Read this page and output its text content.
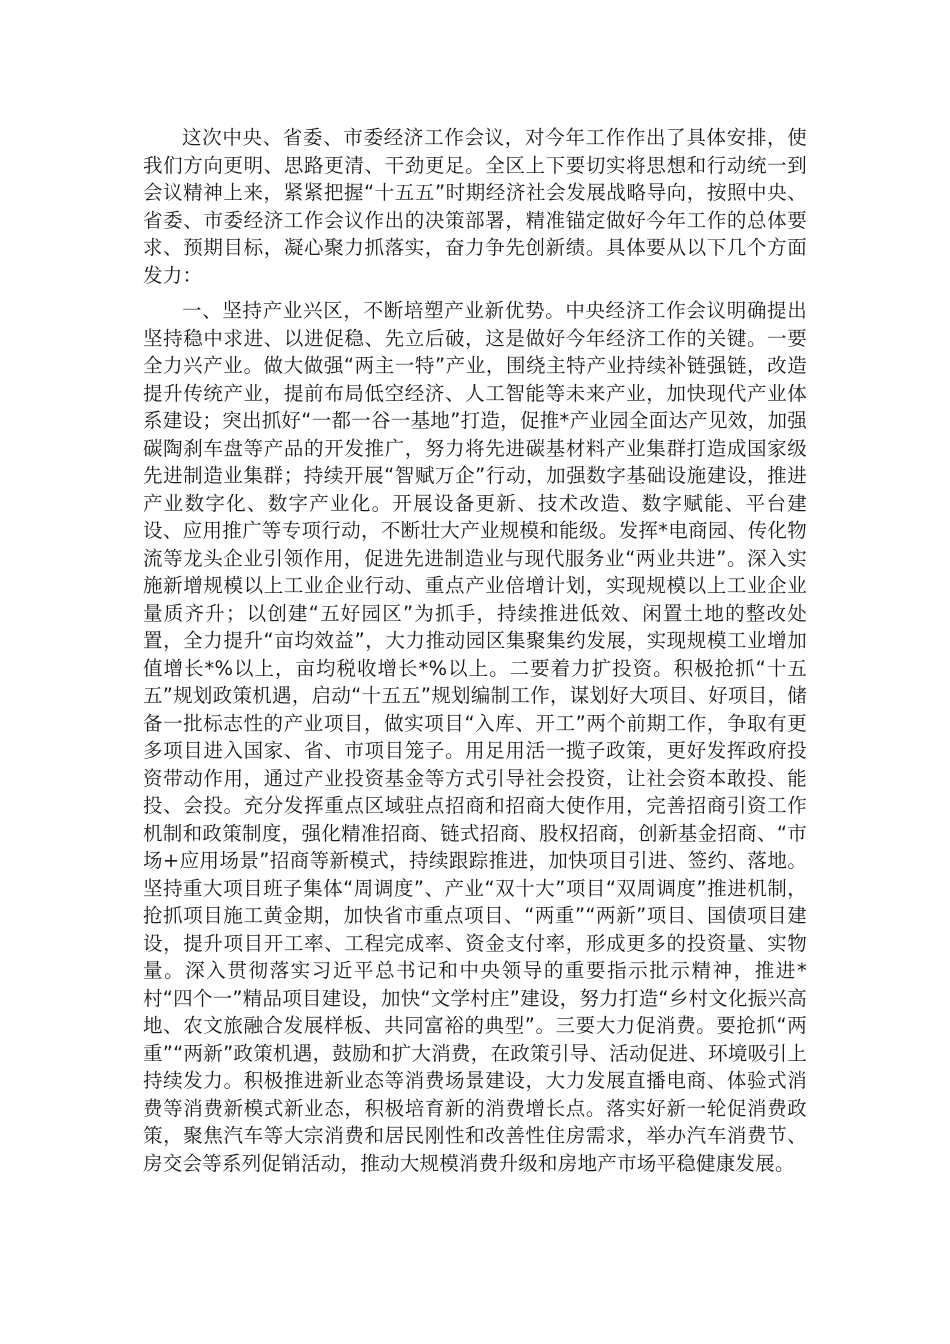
这次中央、省委、市委经济工作会议，对今年工作作出了具体安排，使我们方向更明、思路更清、干劲更足。全区上下要切实将思想和行动统一到会议精神上来，紧紧把握“十五五”时期经济社会发展战略导向，按照中央、省委、市委经济工作会议作出的决策部署，精准锚定做好今年工作的总体要求、预期目标，凝心聚力抓落实，奋力争先创新绩。具体要从以下几个方面发力：

一、坚持产业兴区，不断培塑产业新优势。中央经济工作会议明确提出坚持稳中求进、以进促稳、先立后破，这是做好今年经济工作的关键。一要全力兴产业。做大做强“两主一特”产业，围绕主特产业持续补链强链，改造提升传统产业，提前布局低空经济、人工智能等未来产业，加快现代产业体系建设；突出抓好“一都一谷一基地”打造，促推*产业园全面达产见效，加强碳陶刹车盘等产品的开发推广，努力将先进碳基材料产业集群打造成国家级先进制造业集群；持续开展“智赋万企”行动，加强数字基础设施建设，推进产业数字化、数字产业化。开展设备更新、技术改造、数字赋能、平台建设、应用推广等专项行动，不断壮大产业规模和能级。发挥*电商园、传化物流等龙头企业引领作用，促进先进制造业与现代服务业“两业共进”。深入实施新增规模以上工业企业行动、重点产业倍增计划，实现规模以上工业企业量质齐升；以创建“五好园区”为抓手，持续推进低效、闲置土地的整改处置，全力提升“亩均效益”，大力推动园区集聚集约发展，实现规模工业增加值增长*%以上，亩均税收增长*%以上。二要着力扩投资。积极抢抓“十五五”规划政策机遇，启动“十五五”规划编制工作，谋划好大项目、好项目，储备一批标志性的产业项目，做实项目“入库、开工”两个前期工作，争取有更多项目进入国家、省、市项目笼子。用足用活一揽子政策，更好发挥政府投资带动作用，通过产业投资基金等方式引导社会投资，让社会资本敢投、能投、会投。充分发挥重点区域驻点招商和招商大使作用，完善招商引资工作机制和政策制度，强化精准招商、链式招商、股权招商，创新基金招商、“市场+应用场景”招商等新模式，持续跟踪推进，加快项目引进、签约、落地。坚持重大项目班子集体“周调度”、产业“双十大”项目“双周调度”推进机制，抢抓项目施工黄金期，加快省市重点项目、“两重”“两新”项目、国债项目建设，提升项目开工率、工程完成率、资金支付率，形成更多的投资量、实物量。深入贯彻落实习近平总书记和中央领导的重要指示批示精神，推进*村“四个一”精品项目建设，加快“文学村庄”建设，努力打造“乡村文化振兴高地、农文旅融合发展样板、共同富裕的典型”。三要大力促消费。要抢抓“两重”“两新”政策机遇，鼓励和扩大消费，在政策引导、活动促进、环境吸引上持续发力。积极推进新业态等消费场景建设，大力发展直播电商、体验式消费等消费新模式新业态，积极培育新的消费增长点。落实好新一轮促消费政策，聚焦汽车等大宗消费和居民刚性和改善性住房需求，举办汽车消费节、房交会等系列促销活动，推动大规模消费升级和房地产市场平稳健康发展。
